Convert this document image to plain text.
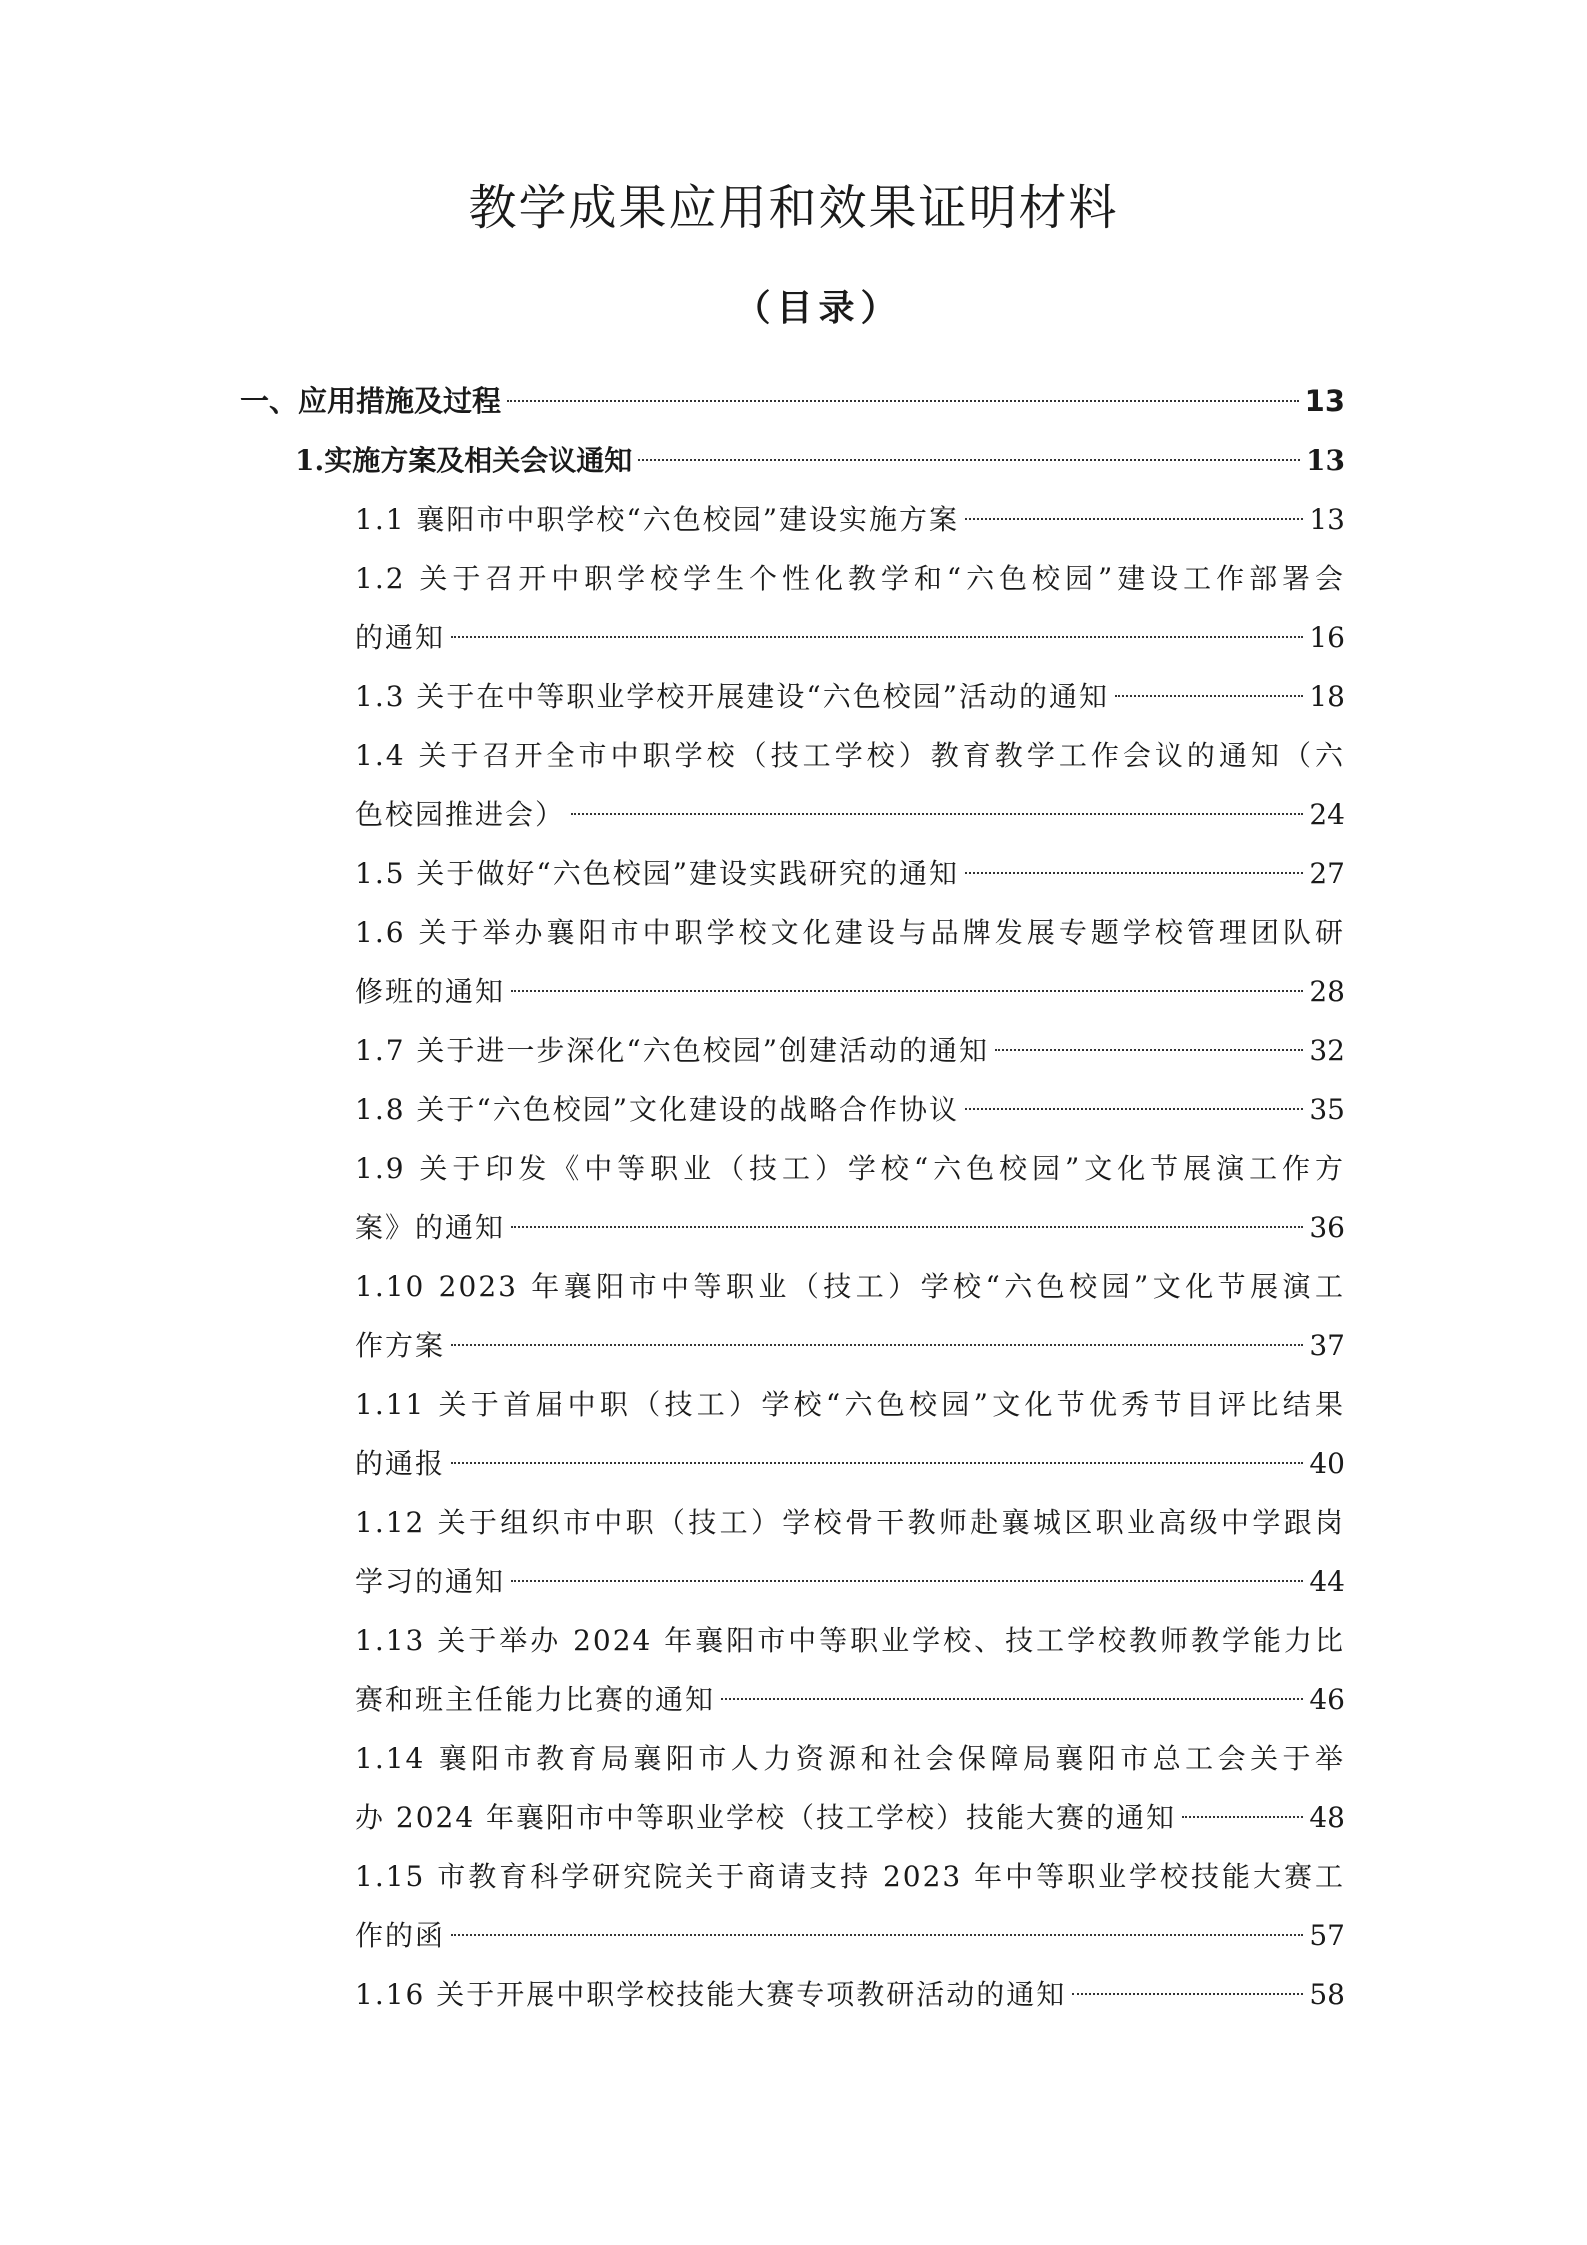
教学成果应用和效果证明材料
（目录）
一、应用措施及过程	13
1.实施方案及相关会议通知	13
1.1 襄阳市中职学校“六色校园”建设实施方案	13
1.2 关于召开中职学校学生个性化教学和“六色校园”建设工作部署会
的通知	16
1.3 关于在中等职业学校开展建设“六色校园”活动的通知	18
1.4 关于召开全市中职学校（技工学校）教育教学工作会议的通知（六
色校园推进会）	24
1.5 关于做好“六色校园”建设实践研究的通知	27
1.6 关于举办襄阳市中职学校文化建设与品牌发展专题学校管理团队研
修班的通知	28
1.7 关于进一步深化“六色校园”创建活动的通知	32
1.8 关于“六色校园”文化建设的战略合作协议	35
1.9 关于印发《中等职业（技工）学校“六色校园”文化节展演工作方
案》的通知	36
1.10 2023 年襄阳市中等职业（技工）学校“六色校园”文化节展演工
作方案	37
1.11 关于首届中职（技工）学校“六色校园”文化节优秀节目评比结果
的通报	40
1.12 关于组织市中职（技工）学校骨干教师赴襄城区职业高级中学跟岗
学习的通知	44
1.13 关于举办 2024 年襄阳市中等职业学校、技工学校教师教学能力比
赛和班主任能力比赛的通知	46
1.14 襄阳市教育局襄阳市人力资源和社会保障局襄阳市总工会关于举
办 2024 年襄阳市中等职业学校（技工学校）技能大赛的通知	48
1.15 市教育科学研究院关于商请支持 2023 年中等职业学校技能大赛工
作的函	57
1.16 关于开展中职学校技能大赛专项教研活动的通知	58
